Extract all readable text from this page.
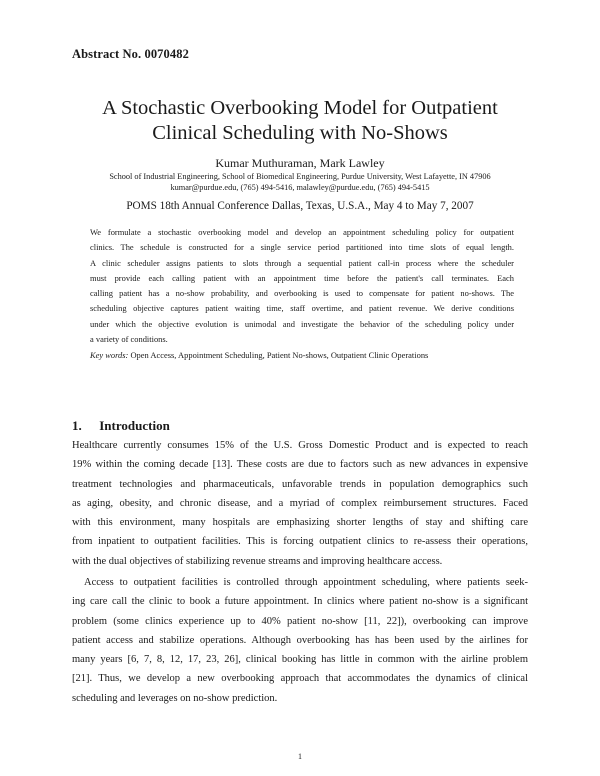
Abstract No. 0070482
A Stochastic Overbooking Model for Outpatient
Clinical Scheduling with No-Shows
Kumar Muthuraman, Mark Lawley
School of Industrial Engineering, School of Biomedical Engineering, Purdue University, West Lafayette, IN 47906
kumar@purdue.edu, (765) 494-5416, malawley@purdue.edu, (765) 494-5415
POMS 18th Annual Conference Dallas, Texas, U.S.A., May 4 to May 7, 2007
We formulate a stochastic overbooking model and develop an appointment scheduling policy for outpatient
clinics. The schedule is constructed for a single service period partitioned into time slots of equal length.
A clinic scheduler assigns patients to slots through a sequential patient call-in process where the scheduler
must provide each calling patient with an appointment time before the patient's call terminates. Each
calling patient has a no-show probability, and overbooking is used to compensate for patient no-shows. The
scheduling objective captures patient waiting time, staff overtime, and patient revenue. We derive conditions
under which the objective evolution is unimodal and investigate the behavior of the scheduling policy under
a variety of conditions.
Key words: Open Access, Appointment Scheduling, Patient No-shows, Outpatient Clinic Operations
1. Introduction
Healthcare currently consumes 15% of the U.S. Gross Domestic Product and is expected to reach
19% within the coming decade [13]. These costs are due to factors such as new advances in expensive
treatment technologies and pharmaceuticals, unfavorable trends in population demographics such
as aging, obesity, and chronic disease, and a myriad of complex reimbursement structures. Faced
with this environment, many hospitals are emphasizing shorter lengths of stay and shifting care
from inpatient to outpatient facilities. This is forcing outpatient clinics to re-assess their operations,
with the dual objectives of stabilizing revenue streams and improving healthcare access.
Access to outpatient facilities is controlled through appointment scheduling, where patients seek-
ing care call the clinic to book a future appointment. In clinics where patient no-show is a significant
problem (some clinics experience up to 40% patient no-show [11, 22]), overbooking can improve
patient access and stabilize operations. Although overbooking has has been used by the airlines for
many years [6, 7, 8, 12, 17, 23, 26], clinical booking has little in common with the airline problem
[21]. Thus, we develop a new overbooking approach that accommodates the dynamics of clinical
scheduling and leverages on no-show prediction.
1
